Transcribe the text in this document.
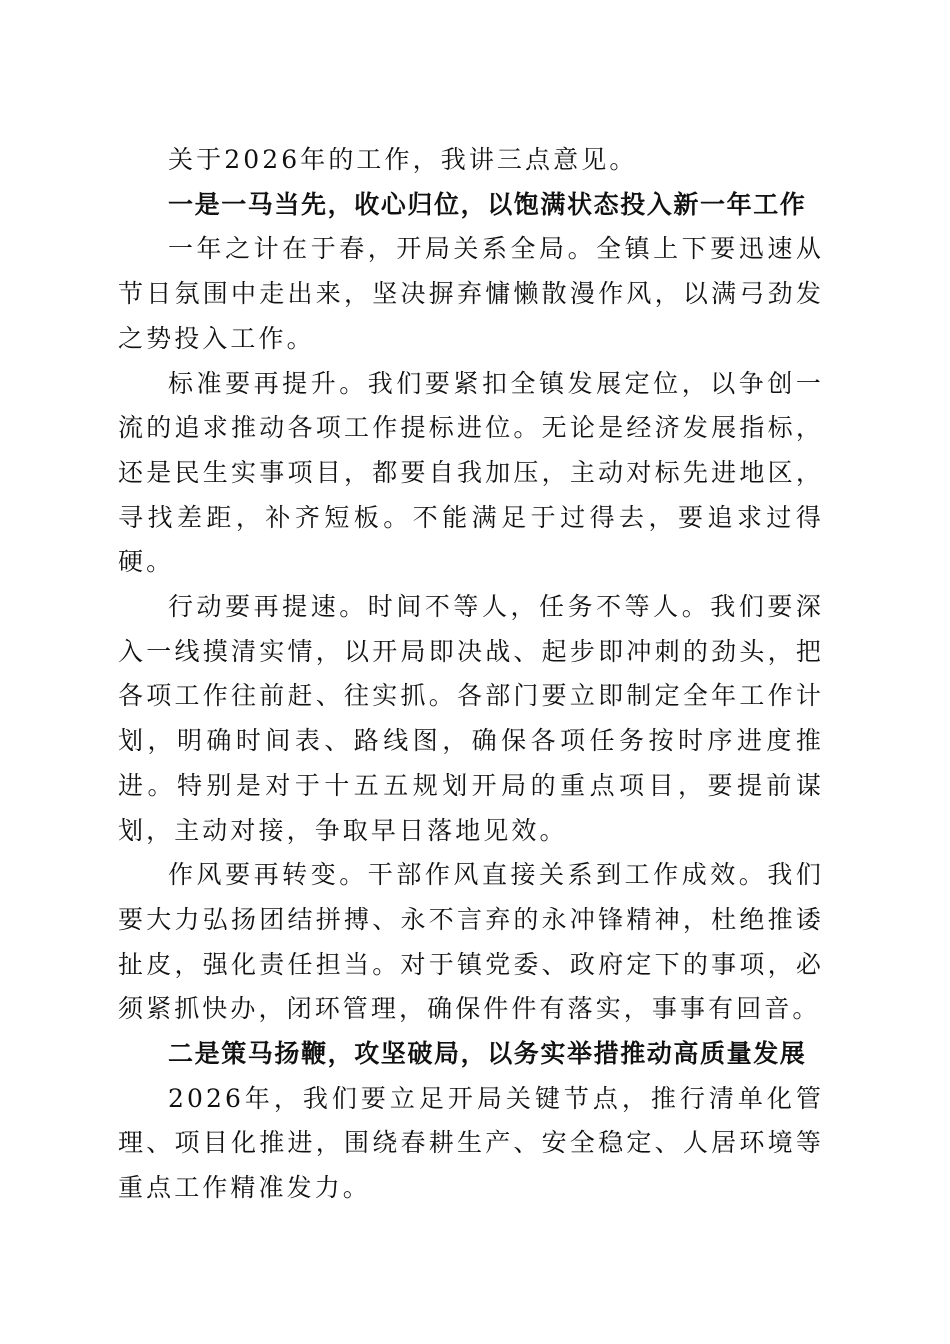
关于2026年的工作，我讲三点意见。

一是一马当先，收心归位，以饱满状态投入新一年工作

一年之计在于春，开局关系全局。全镇上下要迅速从节日氛围中走出来，坚决摒弃慵懒散漫作风，以满弓劲发之势投入工作。

标准要再提升。我们要紧扣全镇发展定位，以争创一流的追求推动各项工作提标进位。无论是经济发展指标，还是民生实事项目，都要自我加压，主动对标先进地区，寻找差距，补齐短板。不能满足于过得去，要追求过得硬。

行动要再提速。时间不等人，任务不等人。我们要深入一线摸清实情，以开局即决战、起步即冲刺的劲头，把各项工作往前赶、往实抓。各部门要立即制定全年工作计划，明确时间表、路线图，确保各项任务按时序进度推进。特别是对于十五五规划开局的重点项目，要提前谋划，主动对接，争取早日落地见效。

作风要再转变。干部作风直接关系到工作成效。我们要大力弘扬团结拼搏、永不言弃的永冲锋精神，杜绝推诿扯皮，强化责任担当。对于镇党委、政府定下的事项，必须紧抓快办，闭环管理，确保件件有落实，事事有回音。

二是策马扬鞭，攻坚破局，以务实举措推动高质量发展

2026年，我们要立足开局关键节点，推行清单化管理、项目化推进，围绕春耕生产、安全稳定、人居环境等重点工作精准发力。
